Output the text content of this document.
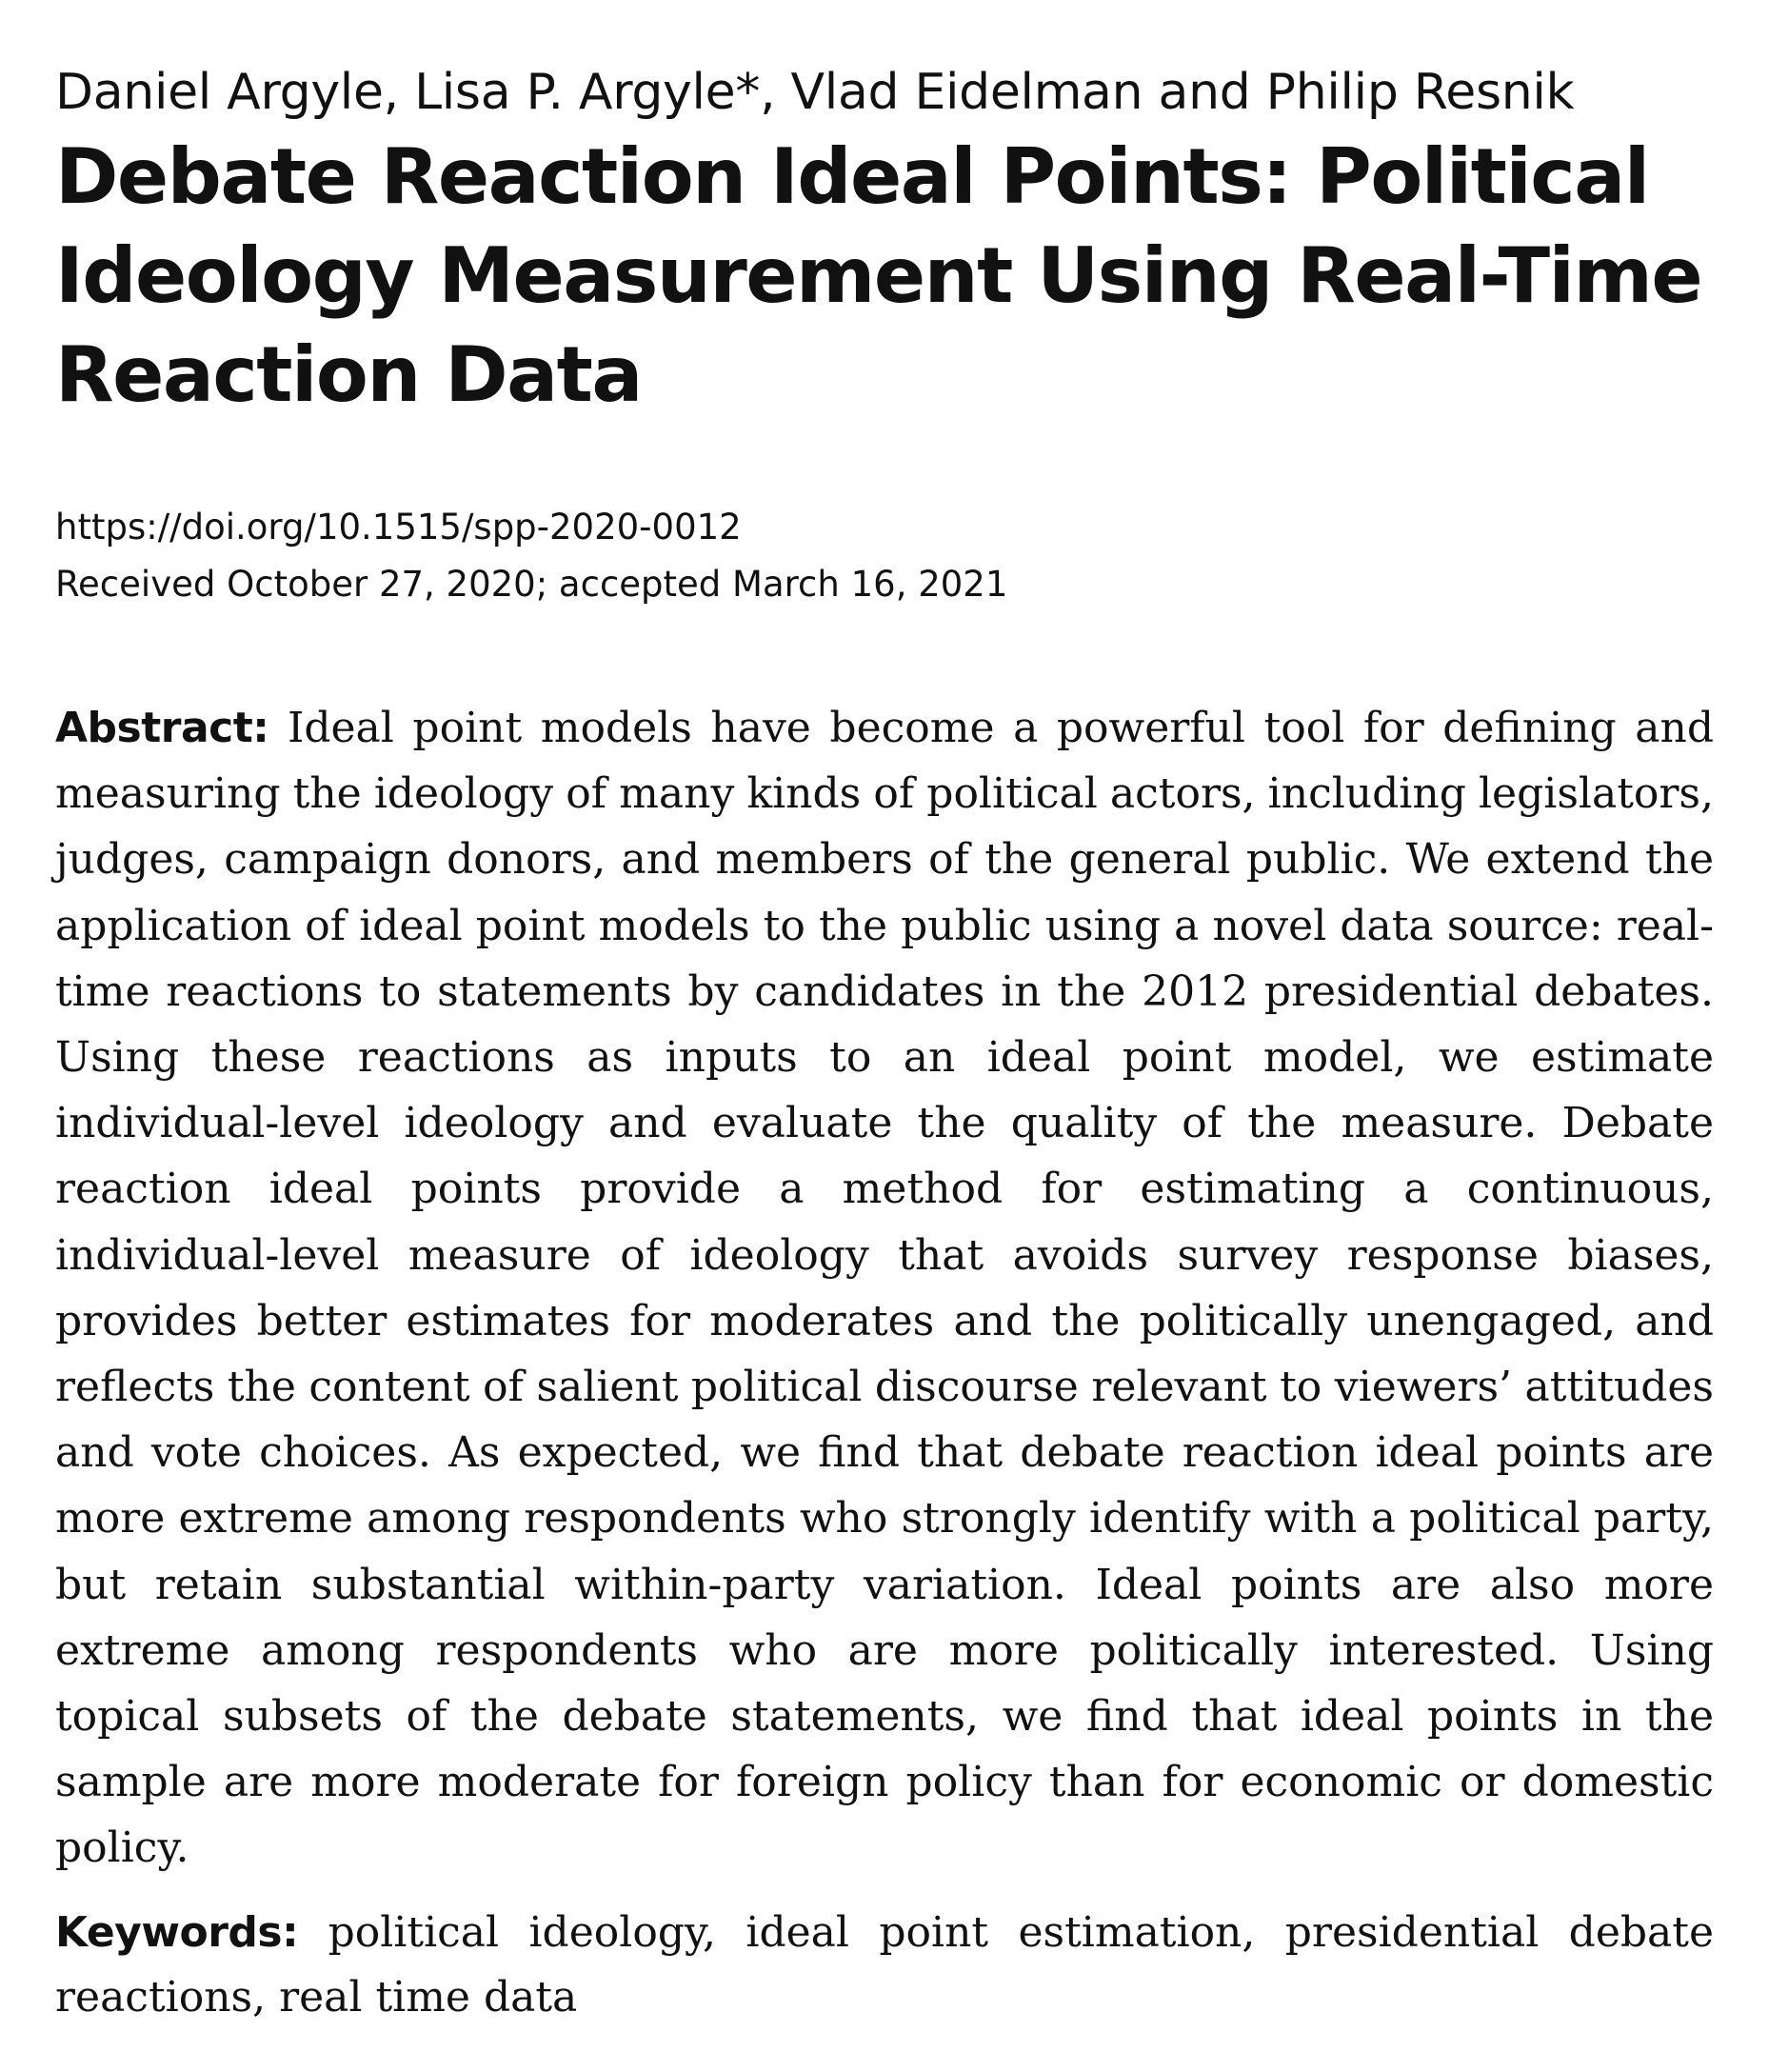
Daniel Argyle, Lisa P. Argyle*, Vlad Eidelman and Philip Resnik

Debate Reaction Ideal Points: Political Ideology Measurement Using Real-Time Reaction Data
https://doi.org/10.1515/spp-2020-0012
Received October 27, 2020; accepted March 16, 2021

Abstract: Ideal point models have become a powerful tool for defining and measuring the ideology of many kinds of political actors, including legislators, judges, campaign donors, and members of the general public. We extend the application of ideal point models to the public using a novel data source: real-time reactions to statements by candidates in the 2012 presidential debates. Using these reactions as inputs to an ideal point model, we estimate individual-level ideology and evaluate the quality of the measure. Debate reaction ideal points provide a method for estimating a continuous, individual-level measure of ideology that avoids survey response biases, provides better estimates for moderates and the politically unengaged, and reflects the content of salient political discourse relevant to viewers’ attitudes and vote choices. As expected, we find that debate reaction ideal points are more extreme among respondents who strongly identify with a political party, but retain substantial within-party variation. Ideal points are also more extreme among respondents who are more politically interested. Using topical subsets of the debate statements, we find that ideal points in the sample are more moderate for foreign policy than for economic or domestic policy.

Keywords: political ideology, ideal point estimation, presidential debate reactions, real time data
